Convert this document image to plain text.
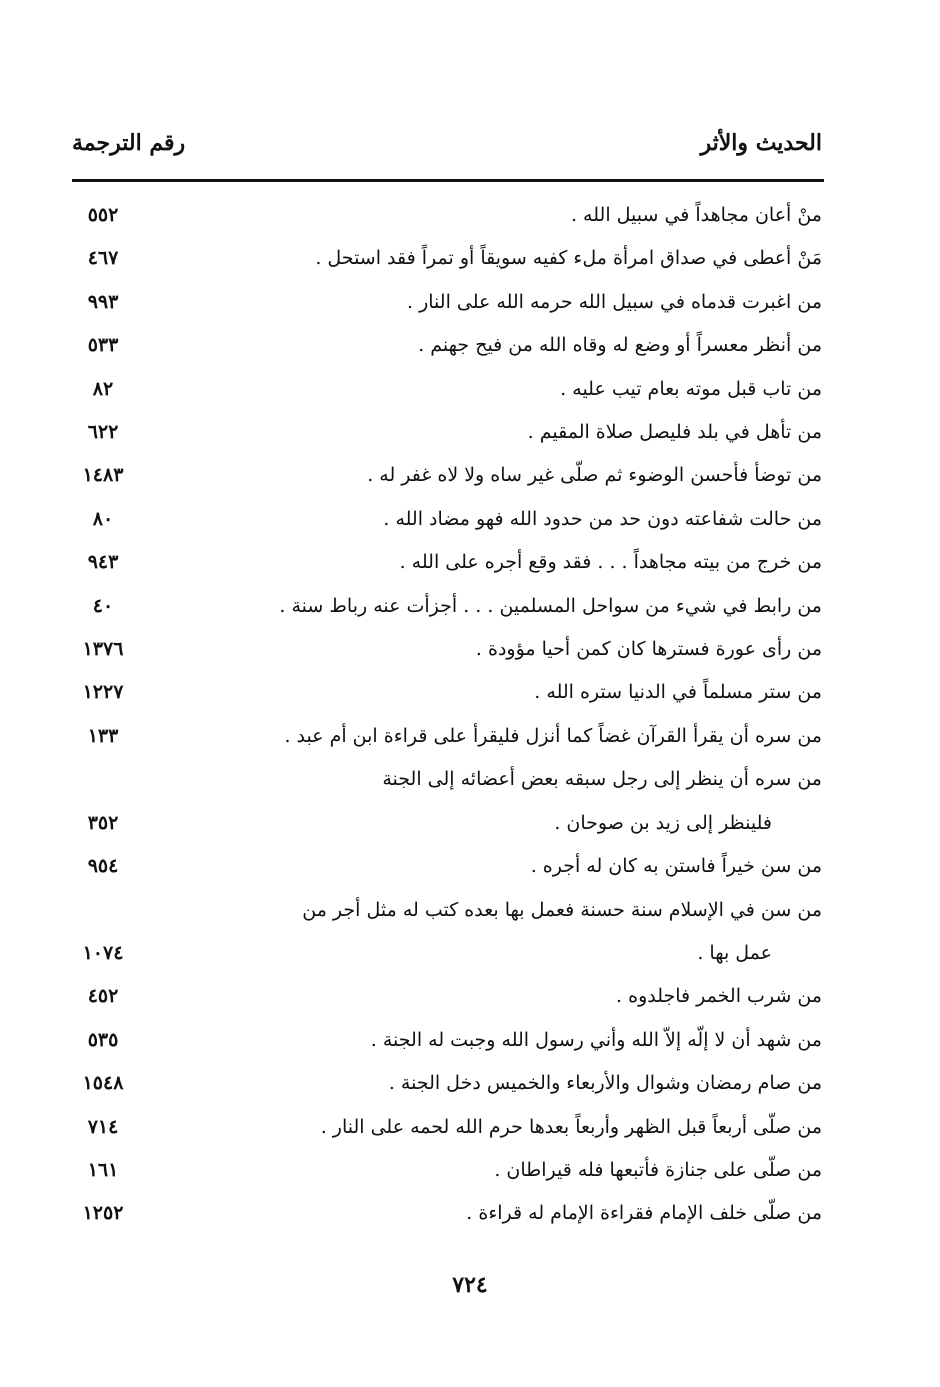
الحديث والأثر
رقم الترجمة
منْ أعان مجاهداً في سبيل الله .
٥٥٢
مَنْ أعطى في صداق امرأة ملء كفيه سويقاً أو تمراً فقد استحل .
٤٦٧
من اغبرت قدماه في سبيل الله حرمه الله على النار .
٩٩٣
من أنظر معسراً أو وضع له وقاه الله من فيح جهنم .
٥٣٣
من تاب قبل موته بعام تيب عليه .
٨٢
من تأهل في بلد فليصل صلاة المقيم .
٦٢٢
من توضأ فأحسن الوضوء ثم صلّى غير ساه ولا لاه غفر له .
١٤٨٣
من حالت شفاعته دون حد من حدود الله فهو مضاد الله .
٨٠
من خرج من بيته مجاهداً . . . فقد وقع أجره على الله .
٩٤٣
من رابط في شيء من سواحل المسلمين . . . أجزأت عنه رباط سنة .
٤٠
من رأى عورة فسترها كان كمن أحيا مؤودة .
١٣٧٦
من ستر مسلماً في الدنيا ستره الله .
١٢٢٧
من سره أن يقرأ القرآن غضاً كما أنزل فليقرأ على قراءة ابن أم عبد .
١٣٣
من سره أن ينظر إلى رجل سبقه بعض أعضائه إلى الجنة
فلينظر إلى زيد بن صوحان .
٣٥٢
من سن خيراً فاستن به كان له أجره .
٩٥٤
من سن في الإسلام سنة حسنة فعمل بها بعده كتب له مثل أجر من
عمل بها .
١٠٧٤
من شرب الخمر فاجلدوه .
٤٥٢
من شهد أن لا إلّه إلاّ الله وأني رسول الله وجبت له الجنة .
٥٣٥
من صام رمضان وشوال والأربعاء والخميس دخل الجنة .
١٥٤٨
من صلّى أربعاً قبل الظهر وأربعاً بعدها حرم الله لحمه على النار .
٧١٤
من صلّى على جنازة فأتبعها فله قيراطان .
١٦١
من صلّى خلف الإمام فقراءة الإمام له قراءة .
١٢٥٢
٧٢٤
